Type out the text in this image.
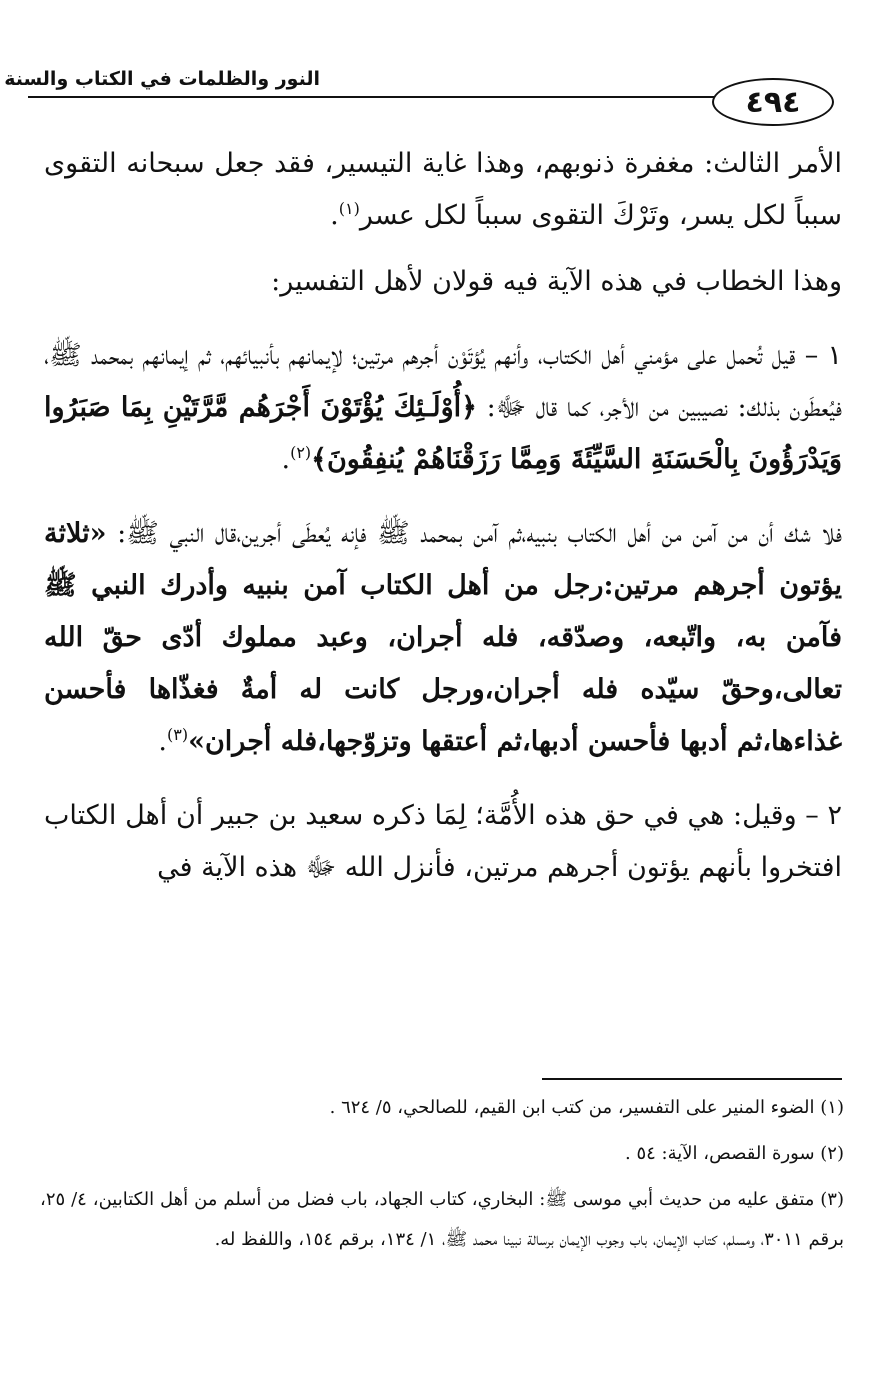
النور والظلمات في الكتاب والسنة
٤٩٤

الأمر الثالث: مغفرة ذنوبهم، وهذا غاية التيسير، فقد جعل سبحانه التقوى سبباً لكل يسر، وتَرْكَ التقوى سبباً لكل عسر$^{(١)}$.

وهذا الخطاب في هذه الآية فيه قولان لأهل التفسير:

١ – قيل تُحمل على مؤمني أهل الكتاب، وأنهم يُؤتَوْن أجرهم مرتين؛ لإيمانهم بأنبيائهم، ثم إيمانهم بمحمد ﷺ، فيُعطَون بذلك: نصيبين من الأجر، كما قال ﷻ: ﴿أُوْلَـئِكَ يُؤْتَوْنَ أَجْرَهُم مَّرَّتَيْنِ بِمَا صَبَرُوا وَيَدْرَؤُونَ بِالْحَسَنَةِ السَّيِّئَةَ وَمِمَّا رَزَقْنَاهُمْ يُنفِقُونَ﴾$^{(٢)}$.

فلا شك أن من آمن من أهل الكتاب بنبيه،ثم آمن بمحمد ﷺ فإنه يُعطَى أجرين،قال النبي ﷺ: «ثلاثة يؤتون أجرهم مرتين:رجل من أهل الكتاب آمن بنبيه وأدرك النبي ﷺ فآمن به، واتّبعه، وصدّقه، فله أجران، وعبد مملوك أدّى حقّ الله تعالى،وحقّ سيّده فله أجران،ورجل كانت له أمةٌ فغذّاها فأحسن غذاءها،ثم أدبها فأحسن أدبها،ثم أعتقها وتزوّجها،فله أجران»$^{(٣)}$.

٢ – وقيل: هي في حق هذه الأُمَّة؛ لِمَا ذكره سعيد بن جبير أن أهل الكتاب افتخروا بأنهم يؤتون أجرهم مرتين، فأنزل الله ﷻ هذه الآية في

(١) الضوء المنير على التفسير، من كتب ابن القيم، للصالحي، ٥/ ٦٢٤ .

(٢) سورة القصص، الآية: ٥٤ .

(٣) متفق عليه من حديث أبي موسى ﷺ: البخاري، كتاب الجهاد، باب فضل من أسلم من أهل الكتابين، ٤/ ٢٥، برقم ٣٠١١، ومسلم، كتاب الإيمان، باب وجوب الإيمان برسالة نبينا محمد ﷺ، ١/ ١٣٤، برقم ١٥٤، واللفظ له.
